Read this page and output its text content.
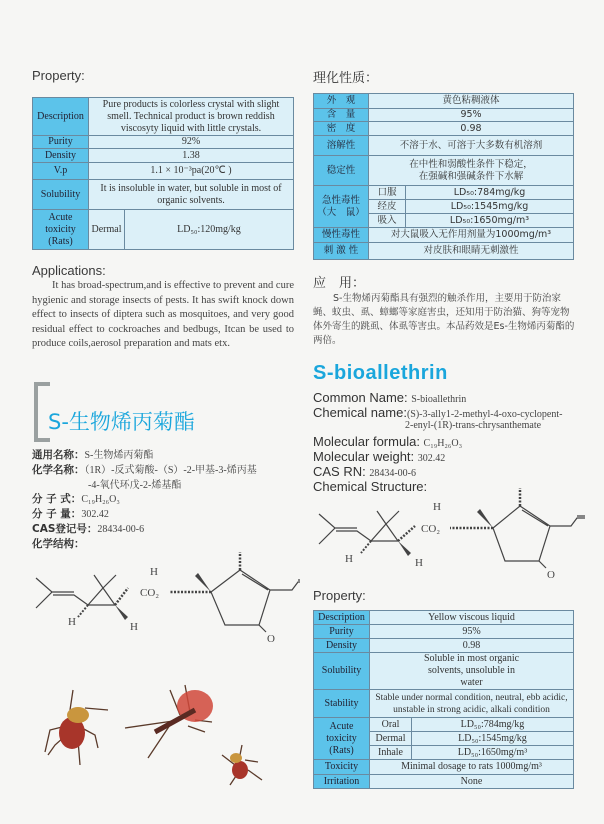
Property:
Description	Pure products is colorless crystal with slight smell. Technical product is brown reddish viscosyty liquid with little crystals.	
Purity	92%	
Density	1.38	
V.p	1.1 × 10⁻³pa(20℃ )	
Solubility	It is insoluble in water, but soluble in most of organic solvents.	
Acute toxicity (Rats)	Dermal	LD₅₀:120mg/kg
Applications:
It has broad-spectrum,and is effective to prevent and cure hygienic and storage insects of pests. It has swift knock down effect to insects of diptera such as mosquitoes, and very good residual effect to cockroaches and bedbugs, Itcan be used to produce coils,aerosol preparation and mats etx.
S-生物烯丙菊酯
通用名称：S-生物烯丙菊酯
化学名称：（1R）-反式菊酸-（S）-2-甲基-3-烯丙基
-4-氧代环戊-2-烯基酯
分 子 式：C₁₉H₂₆O₃
分 子 量：302.42
CAS登记号：28434-00-6
化学结构：
H	H
H
CO₂
O
理化性质：
外　观	黄色粘稠液体	
含　量	95%	
密　度	0.98	
溶解性	不溶于水、可溶于大多数有机溶剂	
稳定性	在中性和弱酸性条件下稳定，在强碱和强碱条件下水解	
急性毒性（大　鼠）	口服	LD₅₀:784mg/kg
	经皮	LD₅₀:1545mg/kg
	吸入	LD₅₀:1650mg/m³
慢性毒性	对大鼠吸入无作用剂量为1000mg/m³	
刺 激 性	对皮肤和眼睛无刺激性	
应　用：
S-生物烯丙菊酯具有强烈的触杀作用，主要用于防治家蝇、蚊虫、虱、蟑螂等家庭害虫，还知用于防治猫、狗等宠物体外寄生的跳虱、体虱等害虫。本品药效是Es-生物烯丙菊酯的两倍。
S-bioallethrin
Common Name: S-bioallethrin
Chemical name:(S)-3-ally1-2-methyl-4-oxo-cyclopent-
2-enyl-(1R)-trans-chrysanthemate
Molecular formula: C₁₉H₂₆O₃
Molecular weight: 302.42
CAS RN: 28434-00-6
Chemical Structure:
H	H
H
CO₂
O
Property:
Description	Yellow viscous liquid	
Purity	95%	
Density	0.98	
Solubility	Soluble in most organic solvents, unsoluble in water	
Stability	Stable under normal condition, neutral, ebb acidic, unstable in strong acidic, alkali condition	
Acute toxicity (Rats)	Oral	LD₅₀:784mg/kg
	Dermal	LD₅₀:1545mg/kg
	Inhale	LD₅₀:1650mg/m³
Toxicity	Minimal dosage to rats 1000mg/m³	
Irritation	None	
